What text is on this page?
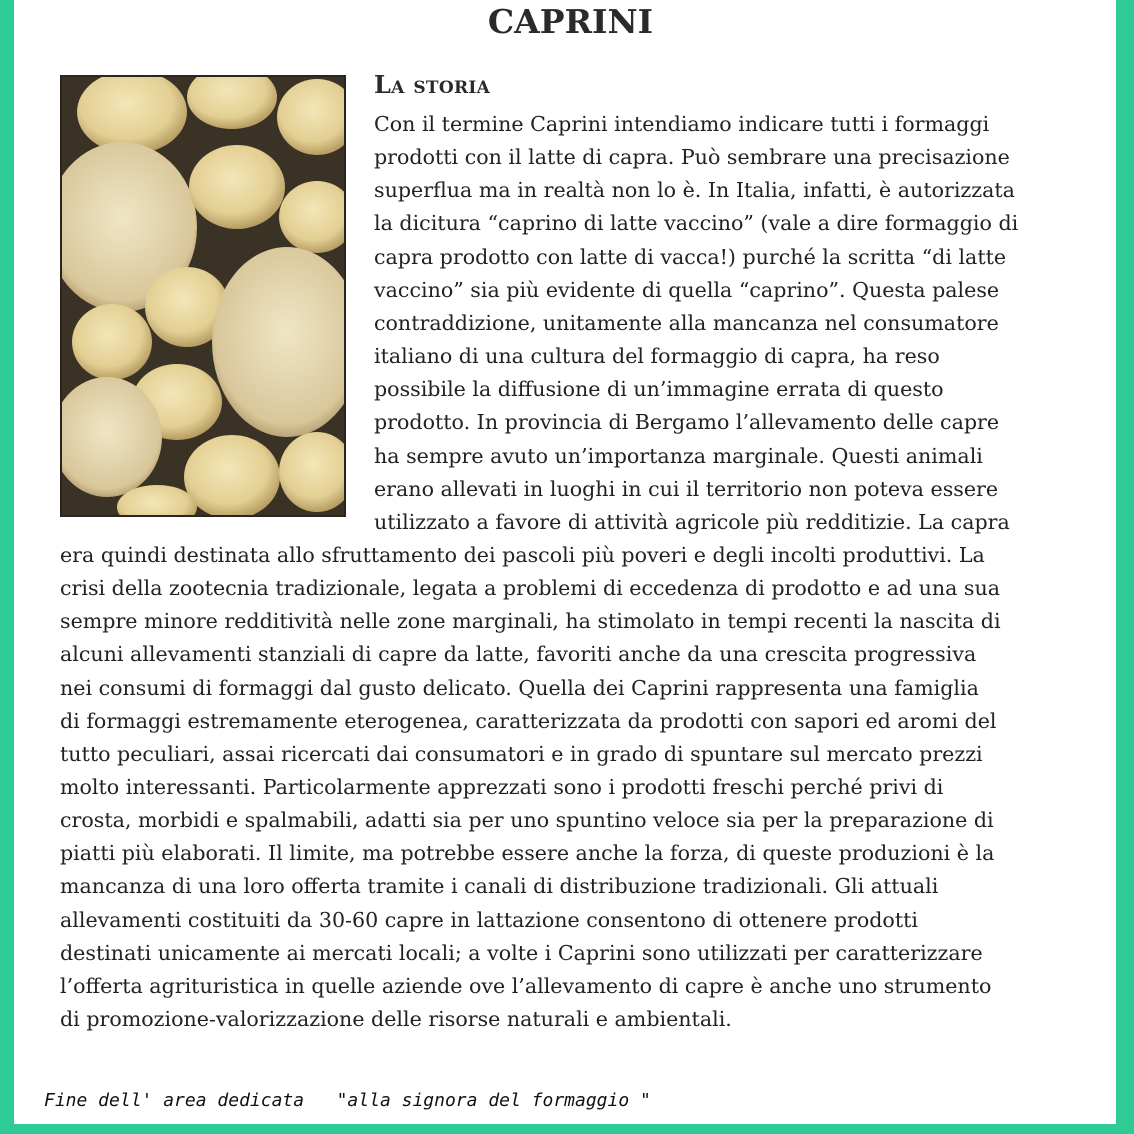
CAPRINI
La storia
Con il termine Caprini intendiamo indicare tutti i formaggi
prodotti con il latte di capra. Può sembrare una precisazione
superflua ma in realtà non lo è. In Italia, infatti, è autorizzata
la dicitura “caprino di latte vaccino” (vale a dire formaggio di
capra prodotto con latte di vacca!) purché la scritta “di latte
vaccino” sia più evidente di quella “caprino”. Questa palese
contraddizione, unitamente alla mancanza nel consumatore
italiano di una cultura del formaggio di capra, ha reso
possibile la diffusione di un’immagine errata di questo
prodotto. In provincia di Bergamo l’allevamento delle capre
ha sempre avuto un’importanza marginale. Questi animali
erano allevati in luoghi in cui il territorio non poteva essere
utilizzato a favore di attività agricole più redditizie. La capra
era quindi destinata allo sfruttamento dei pascoli più poveri e degli incolti produttivi. La
crisi della zootecnia tradizionale, legata a problemi di eccedenza di prodotto e ad una sua
sempre minore redditività nelle zone marginali, ha stimolato in tempi recenti la nascita di
alcuni allevamenti stanziali di capre da latte, favoriti anche da una crescita progressiva
nei consumi di formaggi dal gusto delicato. Quella dei Caprini rappresenta una famiglia
di formaggi estremamente eterogenea, caratterizzata da prodotti con sapori ed aromi del
tutto peculiari, assai ricercati dai consumatori e in grado di spuntare sul mercato prezzi
molto interessanti. Particolarmente apprezzati sono i prodotti freschi perché privi di
crosta, morbidi e spalmabili, adatti sia per uno spuntino veloce sia per la preparazione di
piatti più elaborati. Il limite, ma potrebbe essere anche la forza, di queste produzioni è la
mancanza di una loro offerta tramite i canali di distribuzione tradizionali. Gli attuali
allevamenti costituiti da 30-60 capre in lattazione consentono di ottenere prodotti
destinati unicamente ai mercati locali; a volte i Caprini sono utilizzati per caratterizzare
l’offerta agrituristica in quelle aziende ove l’allevamento di capre è anche uno strumento
di promozione-valorizzazione delle risorse naturali e ambientali.
Fine dell' area dedicata   "alla signora del formaggio "
